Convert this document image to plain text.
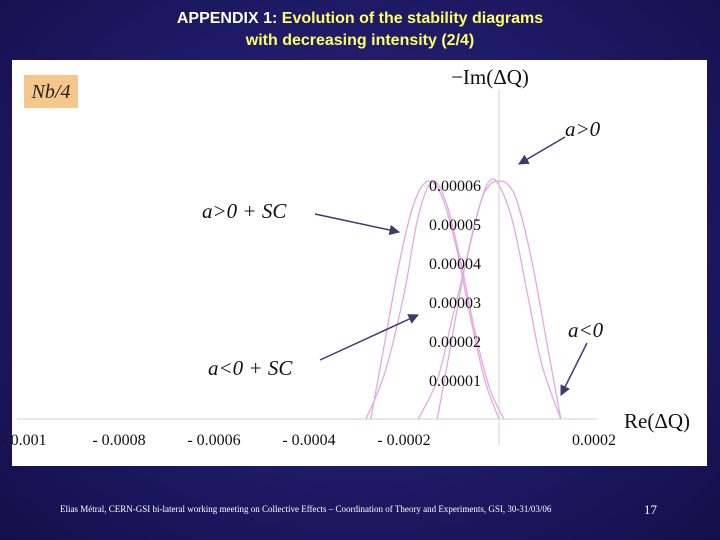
APPENDIX 1: Evolution of the stability diagrams
with decreasing intensity (2/4)
Nb/4
0.00001
0.00002
0.00003
0.00004
0.00005
0.00006
- 0.001	- 0.0008	- 0.0006	- 0.0004	- 0.0002	0.0002
−Im(ΔQ)
Re(ΔQ)
a>0
a<0
a>0 + SC
a<0 + SC
Elias Métral, CERN-GSI bi-lateral working meeting on Collective Effects – Coordination of Theory and Experiments, GSI, 30-31/03/06	17
